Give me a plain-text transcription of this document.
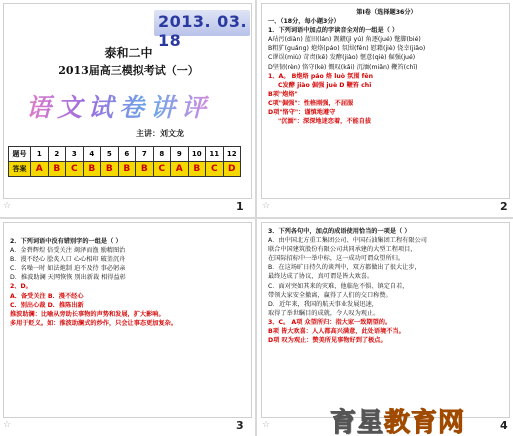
2013. 03. 18
泰和二中
2013届高三模拟考试（一）
语文试卷讲评
主讲：刘文龙
题号	1	2	3	4	5	6	7	8	9	10	11	12
答案	A	B	C	B	B	B	B	C	A	B	C	D
☆	1
第Ⅰ卷（选择题36分）
一、（18分，每小题3分）
1．下列词语中加点的字读音全对的一组是（ ）
A玷污(diàn) 蓝田(lán) 觊觎(jì yú) 角逐(jué) 蹩脚(bié)
B粗犷(guǎng) 炮烙(páo) 氛围(fēn) 慰藉(jiè) 侥幸(jiǎo)
C谬误(miù) 苛责(kē) 发酵(jiào) 惬意(qiè) 倔强(jué)
D坚韧(rèn) 恪守(kè) 慨叹(kǎi) 沉湎(miǎn) 鞭笞(chī)
1、A。 B炮烙 páo 烙 luò 氛围 fēn
C发酵 jiào 倔强 juè D 鞭笞 chī
B项"炮烙"
C项"倔强"：性格刚强，不屈服
D项"恪守"：谨慎地遵守
"沉湎"：深深地迷恋着，不能自拔
☆	2
2．下列词语中没有错别字的一组是（ ）
A．金碧辉煌 倍受关注 竭泽而渔 励精图治
B．漫不经心 脍炙人口 心心相印 破釜沉舟
C．名噪一时 如法炮制 迫不及待 事必躬亲
D．推波助澜 天网恢恢 别出新裁 相得益彰
2、D。
A．备受关注 B．漫不经心
C．别出心裁 D．推陈出新
推波助澜：比喻从旁助长事物的声势和发展，扩大影响。
多用于贬义。如：推波助澜式的炒作，只会让事态更加复杂。
☆	3
3．下列各句中，加点的成语使用恰当的一项是（ ）
A．由中国北方重工集团公司、中国石油集团工程有限公司
联合中国建筑股份有限公司共同承建的大型工程项目，
在国际招标中一举中标，这一成功可谓众望所归。
B．在这场旷日持久的谈判中，双方都做出了很大让步，
最终达成了协议，真可谓是皆大欢喜。
C．面对突如其来的灾难，他临危不惧、镇定自若，
带领大家安全撤离，赢得了人们的交口称赞。
D．近年来，我国的航天事业发展迅速，
取得了举世瞩目的成就，令人叹为观止。
3、C。 A项 众望所归：指大家一致期望的。
B项 皆大欢喜：人人都高兴满意，此处语境不当。
D项 叹为观止：赞美所见事物好到了极点。
☆	4
育星教育网
